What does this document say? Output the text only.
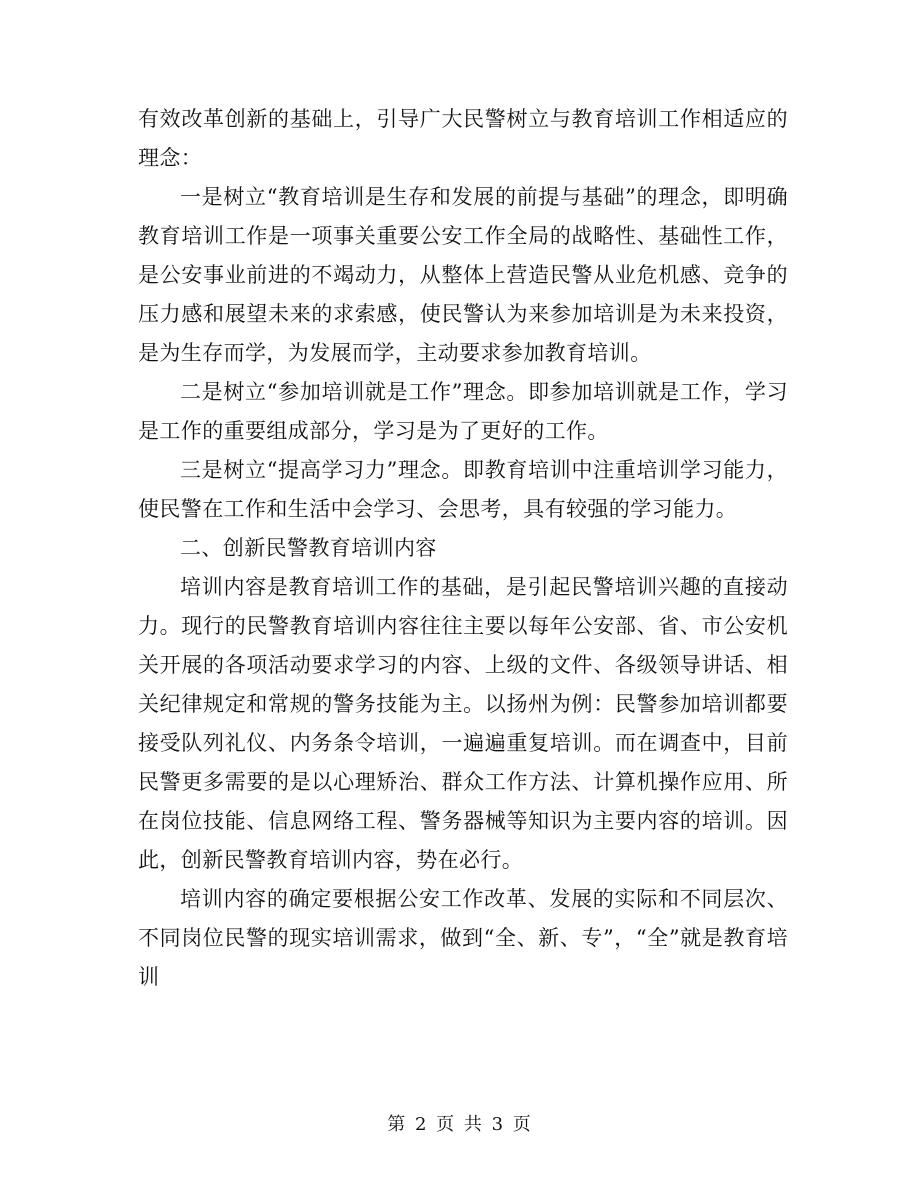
有效改革创新的基础上，引导广大民警树立与教育培训工作相适应的理念：

一是树立“教育培训是生存和发展的前提与基础”的理念，即明确教育培训工作是一项事关重要公安工作全局的战略性、基础性工作，是公安事业前进的不竭动力，从整体上营造民警从业危机感、竞争的压力感和展望未来的求索感，使民警认为来参加培训是为未来投资，是为生存而学，为发展而学，主动要求参加教育培训。

二是树立“参加培训就是工作”理念。即参加培训就是工作，学习是工作的重要组成部分，学习是为了更好的工作。

三是树立“提高学习力”理念。即教育培训中注重培训学习能力，使民警在工作和生活中会学习、会思考，具有较强的学习能力。

二、创新民警教育培训内容

培训内容是教育培训工作的基础，是引起民警培训兴趣的直接动力。现行的民警教育培训内容往往主要以每年公安部、省、市公安机关开展的各项活动要求学习的内容、上级的文件、各级领导讲话、相关纪律规定和常规的警务技能为主。以扬州为例：民警参加培训都要接受队列礼仪、内务条令培训，一遍遍重复培训。而在调查中，目前民警更多需要的是以心理矫治、群众工作方法、计算机操作应用、所在岗位技能、信息网络工程、警务器械等知识为主要内容的培训。因此，创新民警教育培训内容，势在必行。

培训内容的确定要根据公安工作改革、发展的实际和不同层次、不同岗位民警的现实培训需求，做到“全、新、专”，“全”就是教育培训

第 2 页 共 3 页
